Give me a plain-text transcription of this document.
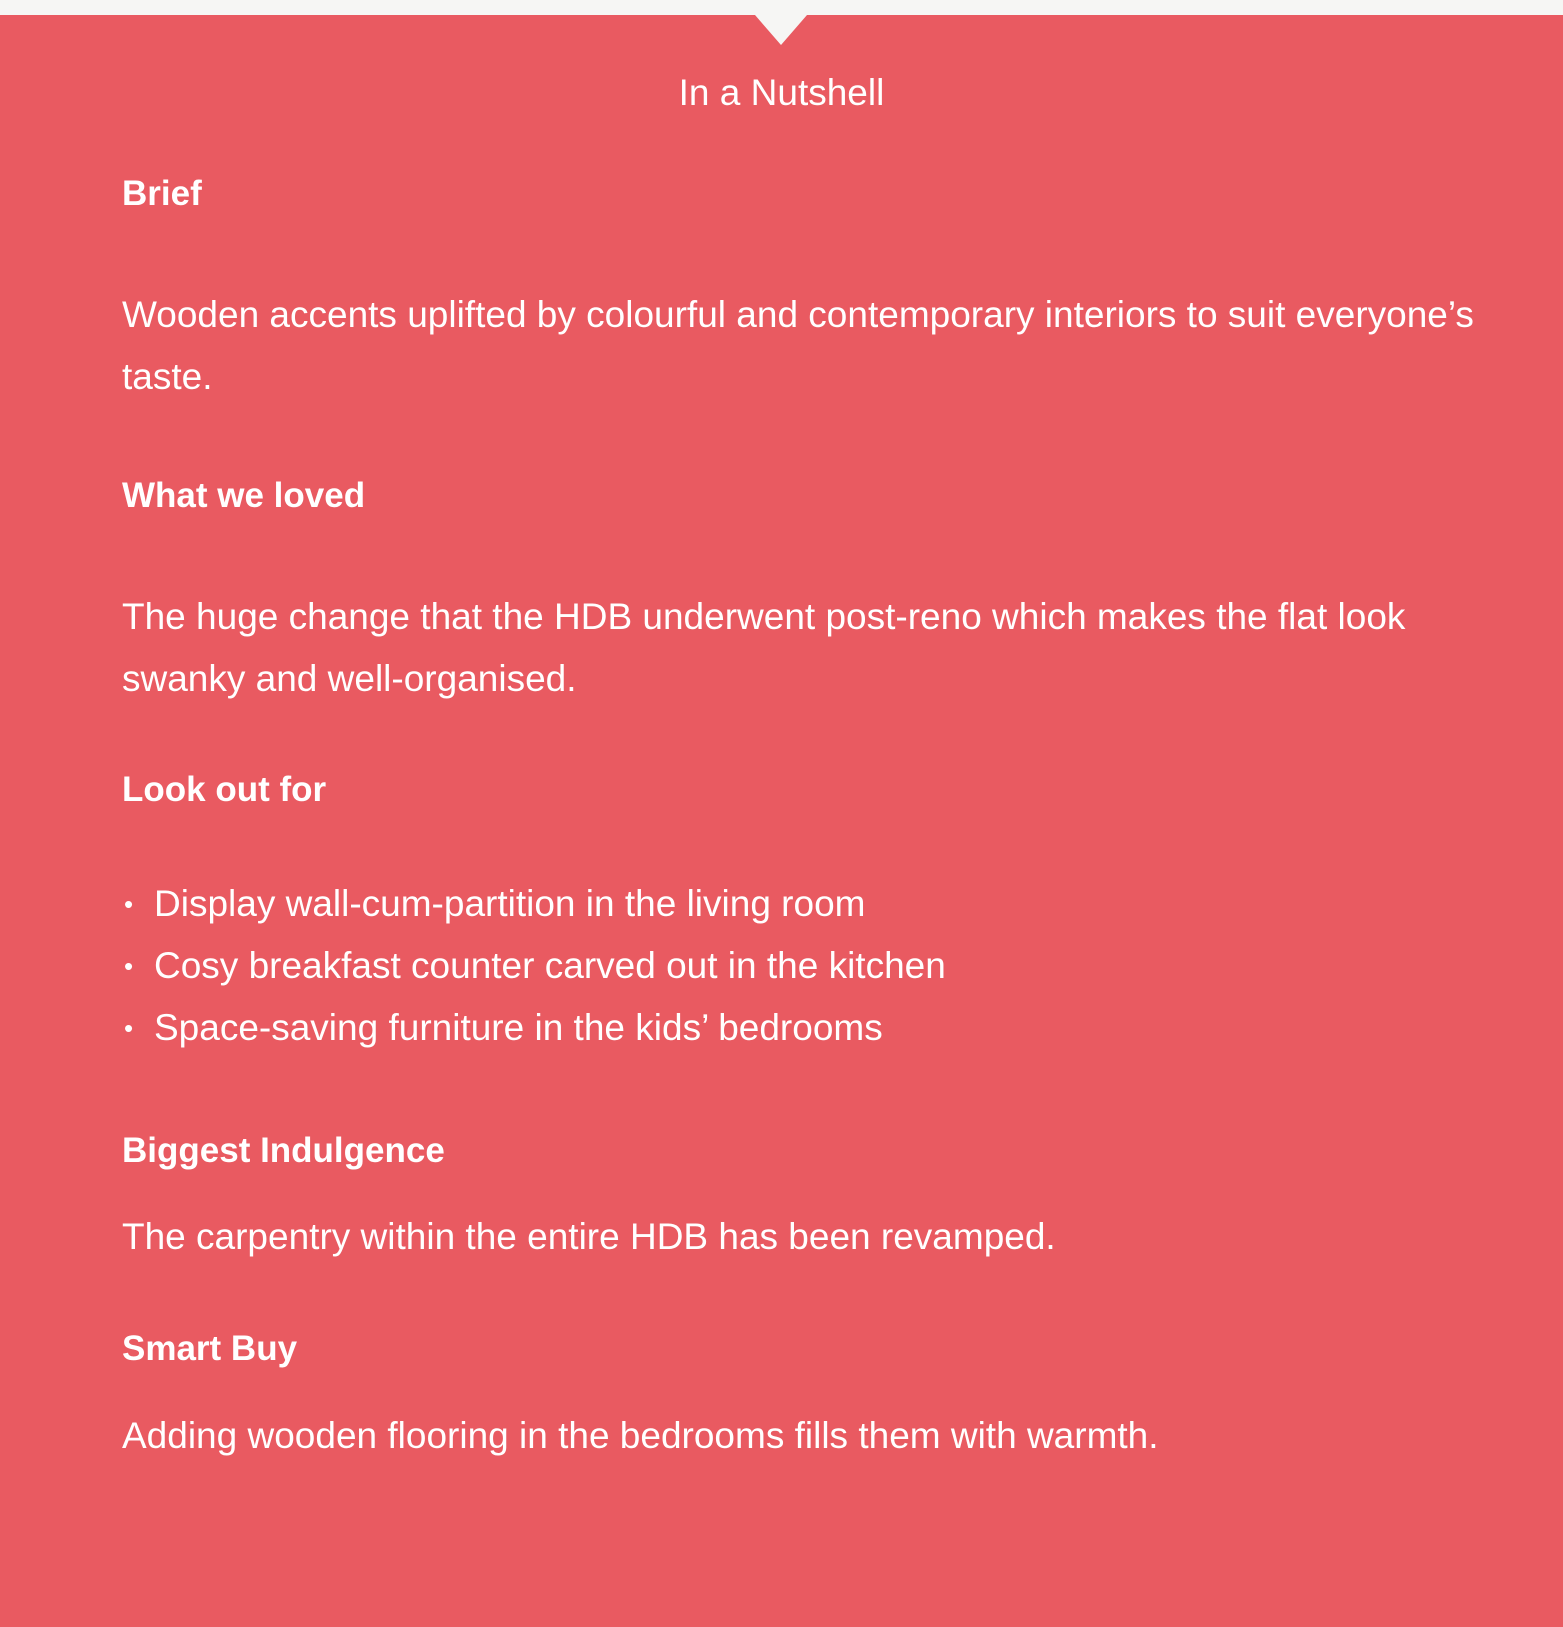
In a Nutshell
Brief

Wooden accents uplifted by colourful and contemporary interiors to suit everyone’s taste.

What we loved

The huge change that the HDB underwent post-reno which makes the flat look swanky and well-organised.

Look out for
• Display wall-cum-partition in the living room
• Cosy breakfast counter carved out in the kitchen
• Space-saving furniture in the kids’ bedrooms
Biggest Indulgence

The carpentry within the entire HDB has been revamped.

Smart Buy

Adding wooden flooring in the bedrooms fills them with warmth.
